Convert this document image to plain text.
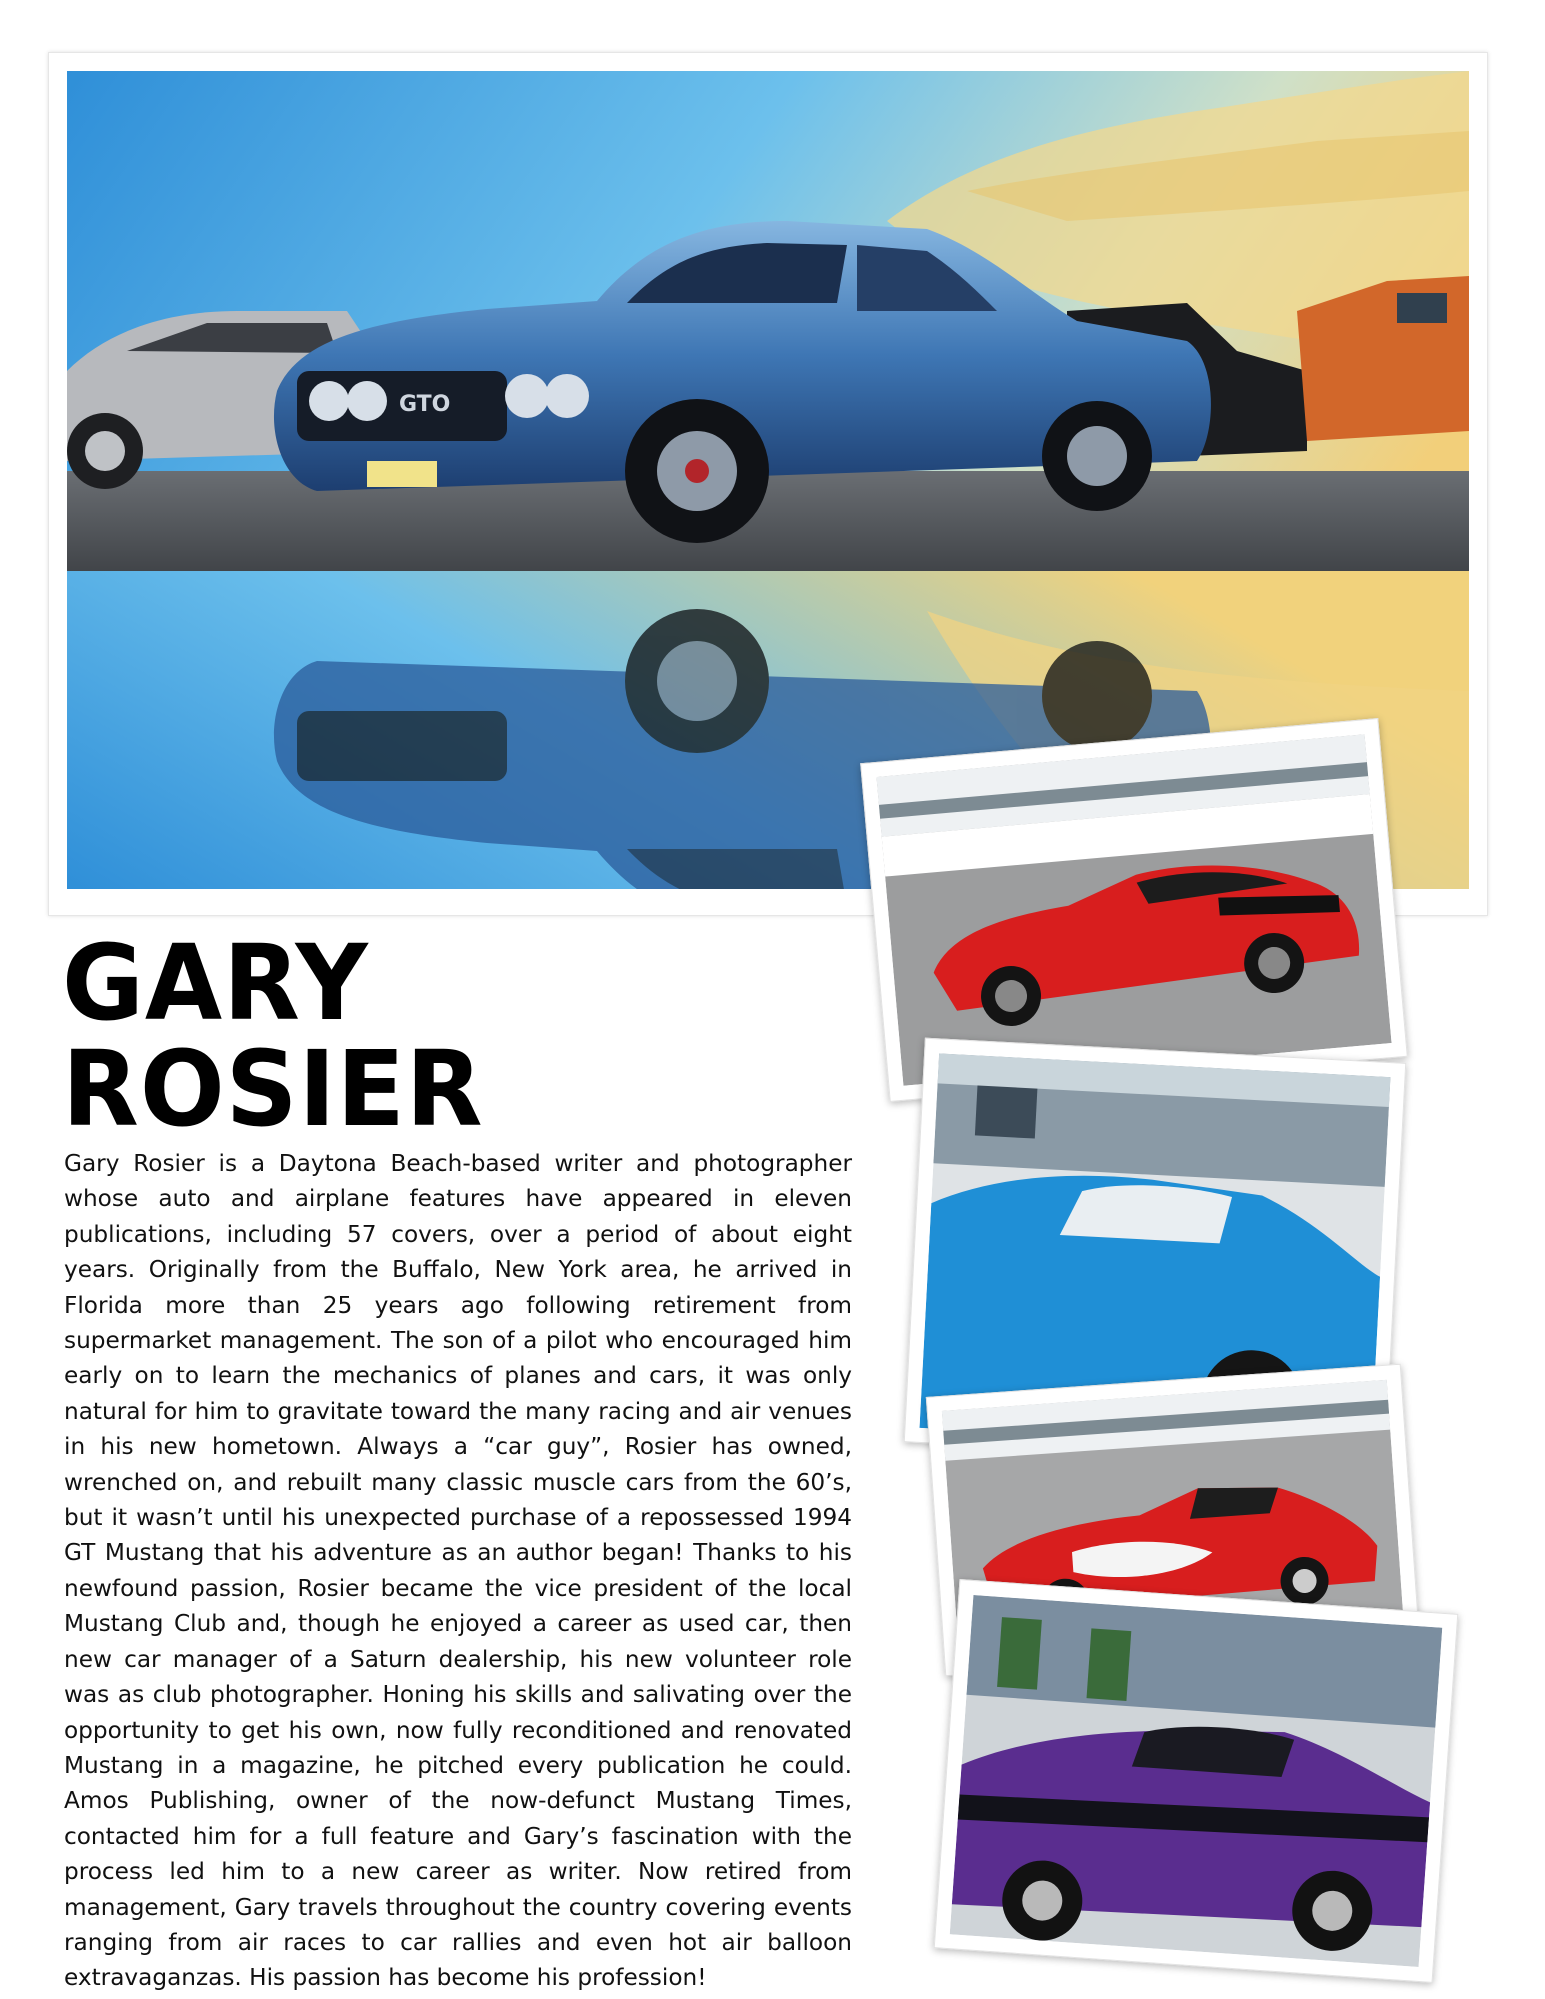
GTO
GARY
ROSIER

Gary Rosier is a Daytona Beach-based writer and photographer whose auto and airplane features have appeared in eleven publications, including 57 covers, over a period of about eight years. Originally from the Buffalo, New York area, he arrived in Florida more than 25 years ago following retirement from supermarket management. The son of a pilot who encouraged him early on to learn the mechanics of planes and cars, it was only natural for him to gravitate toward the many racing and air venues in his new hometown. Always a “car guy”, Rosier has owned, wrenched on, and rebuilt many classic muscle cars from the 60’s, but it wasn’t until his unexpected purchase of a repossessed 1994 GT Mustang that his adventure as an author began! Thanks to his newfound passion, Rosier became the vice president of the local Mustang Club and, though he enjoyed a career as used car, then new car manager of a Saturn dealership, his new volunteer role was as club photographer. Honing his skills and salivating over the opportunity to get his own, now fully reconditioned and renovated Mustang in a magazine, he pitched every publication he could. Amos Publishing, owner of the now-defunct Mustang Times, contacted him for a full feature and Gary’s fascination with the process led him to a new career as writer. Now retired from management, Gary travels throughout the country covering events ranging from air races to car rallies and even hot air balloon extravaganzas. His passion has become his profession!
